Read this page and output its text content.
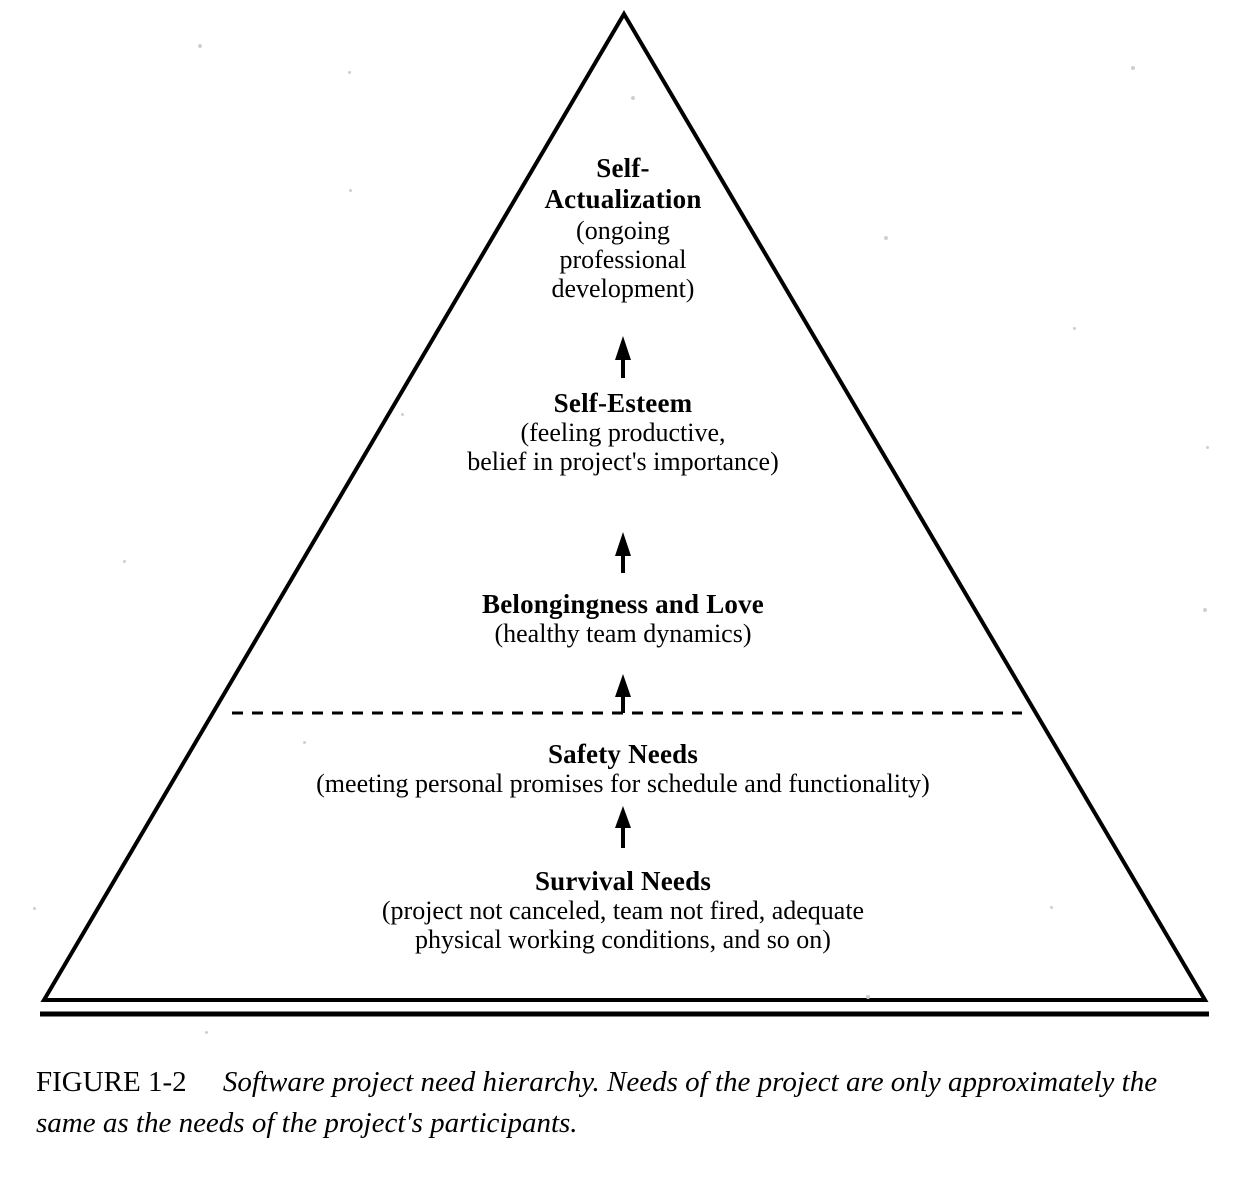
Self-
Actualization
(ongoing
professional
development)
Self-Esteem
(feeling productive,
belief in project's importance)
Belongingness and Love
(healthy team dynamics)
Safety Needs
(meeting personal promises for schedule and functionality)
Survival Needs
(project not canceled, team not fired, adequate
physical working conditions, and so on)
FIGURE 1-2 Software project need hierarchy. Needs of the project are only approximately the same as the needs of the project's participants.
